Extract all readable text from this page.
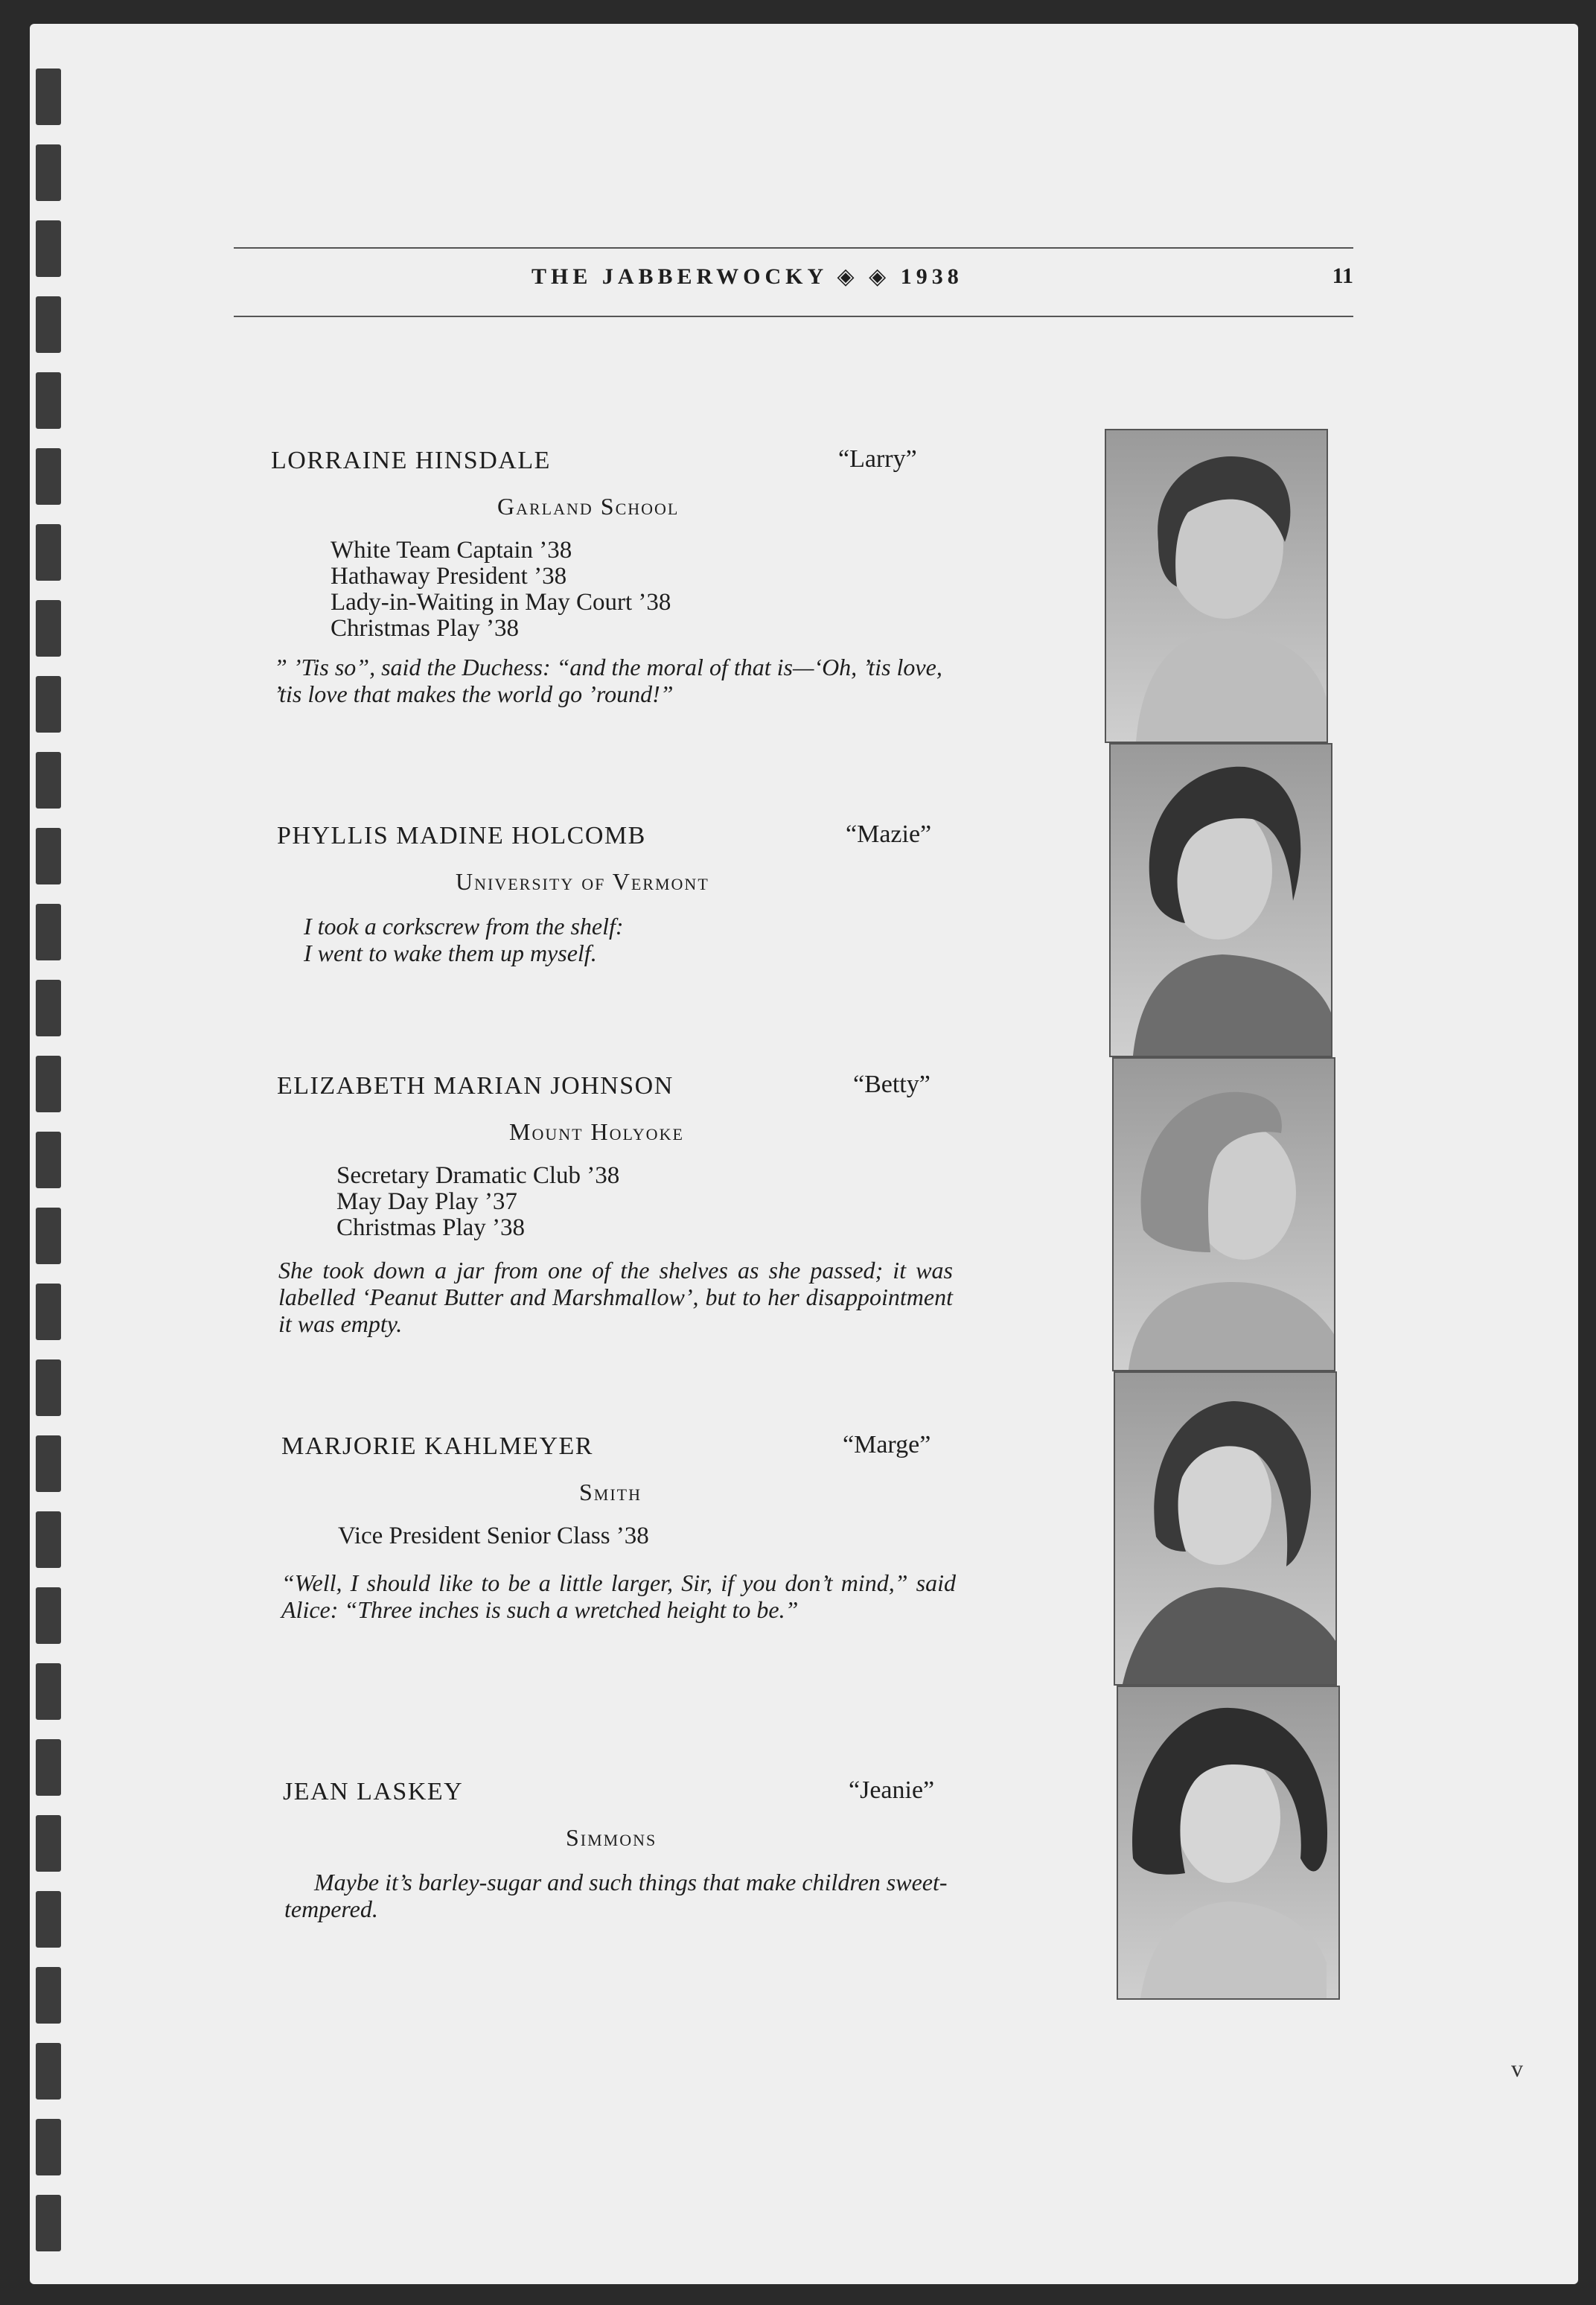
THE JABBERWOCKY ◈ ◈ 1938	11
LORRAINE HINSDALE	“Larry”
Garland School
White Team Captain ’38
Hathaway President ’38
Lady-in-Waiting in May Court ’38
Christmas Play ’38
” ’Tis so”, said the Duchess: “and the moral of that is—‘Oh, ’tis love, ’tis love that makes the world go ’round!”
PHYLLIS MADINE HOLCOMB	“Mazie”
University of Vermont
I took a corkscrew from the shelf:
I went to wake them up myself.
ELIZABETH MARIAN JOHNSON	“Betty”
Mount Holyoke
Secretary Dramatic Club ’38
May Day Play ’37
Christmas Play ’38
She took down a jar from one of the shelves as she passed; it was labelled ‘Peanut Butter and Marshmallow’, but to her disappointment it was empty.
MARJORIE KAHLMEYER	“Marge”
Smith
Vice President Senior Class ’38
“Well, I should like to be a little larger, Sir, if you don’t mind,” said Alice: “Three inches is such a wretched height to be.”
JEAN LASKEY	“Jeanie”
Simmons
Maybe it’s barley-sugar and such things that make children sweet-tempered.
v
